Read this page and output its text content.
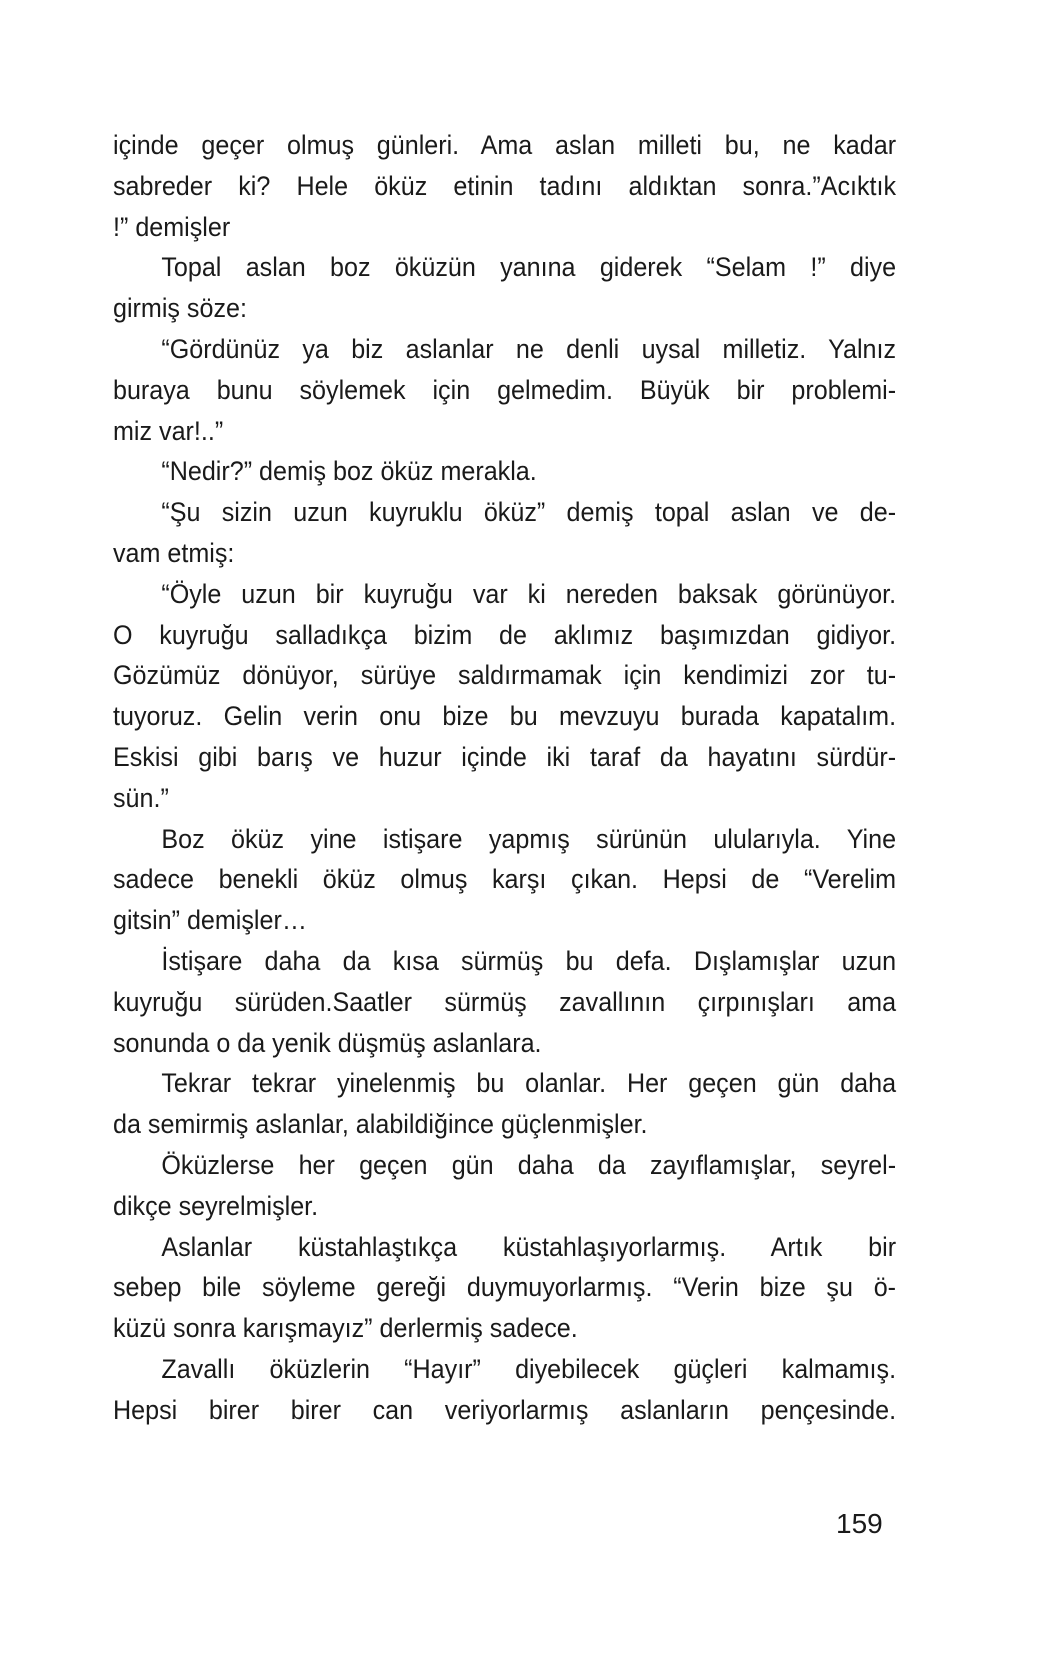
içinde geçer olmuş günleri. Ama aslan milleti bu, ne kadar
sabreder ki? Hele öküz etinin tadını aldıktan sonra.”Acıktık
!” demişler
Topal aslan boz öküzün yanına giderek “Selam !” diye
girmiş söze:
“Gördünüz ya biz aslanlar ne denli uysal milletiz. Yalnız
buraya bunu söylemek için gelmedim. Büyük bir problemi-
miz var!..”
“Nedir?” demiş boz öküz merakla.
“Şu sizin uzun kuyruklu öküz” demiş topal aslan ve de-
vam etmiş:
“Öyle uzun bir kuyruğu var ki nereden baksak görünüyor.
O kuyruğu salladıkça bizim de aklımız başımızdan gidiyor.
Gözümüz dönüyor, sürüye saldırmamak için kendimizi zor tu-
tuyoruz. Gelin verin onu bize bu mevzuyu burada kapatalım.
Eskisi gibi barış ve huzur içinde iki taraf da hayatını sürdür-
sün.”
Boz öküz yine istişare yapmış sürünün ulularıyla. Yine
sadece benekli öküz olmuş karşı çıkan. Hepsi de “Verelim
gitsin” demişler…
İstişare daha da kısa sürmüş bu defa. Dışlamışlar uzun
kuyruğu sürüden.Saatler sürmüş zavallının çırpınışları ama
sonunda o da yenik düşmüş aslanlara.
Tekrar tekrar yinelenmiş bu olanlar. Her geçen gün daha
da semirmiş aslanlar, alabildiğince güçlenmişler.
Öküzlerse her geçen gün daha da zayıflamışlar, seyrel-
dikçe seyrelmişler.
Aslanlar küstahlaştıkça küstahlaşıyorlarmış. Artık bir
sebep bile söyleme gereği duymuyorlarmış. “Verin bize şu ö-
küzü sonra karışmayız” derlermiş sadece.
Zavallı öküzlerin “Hayır” diyebilecek güçleri kalmamış.
Hepsi birer birer can veriyorlarmış aslanların pençesinde.
159
